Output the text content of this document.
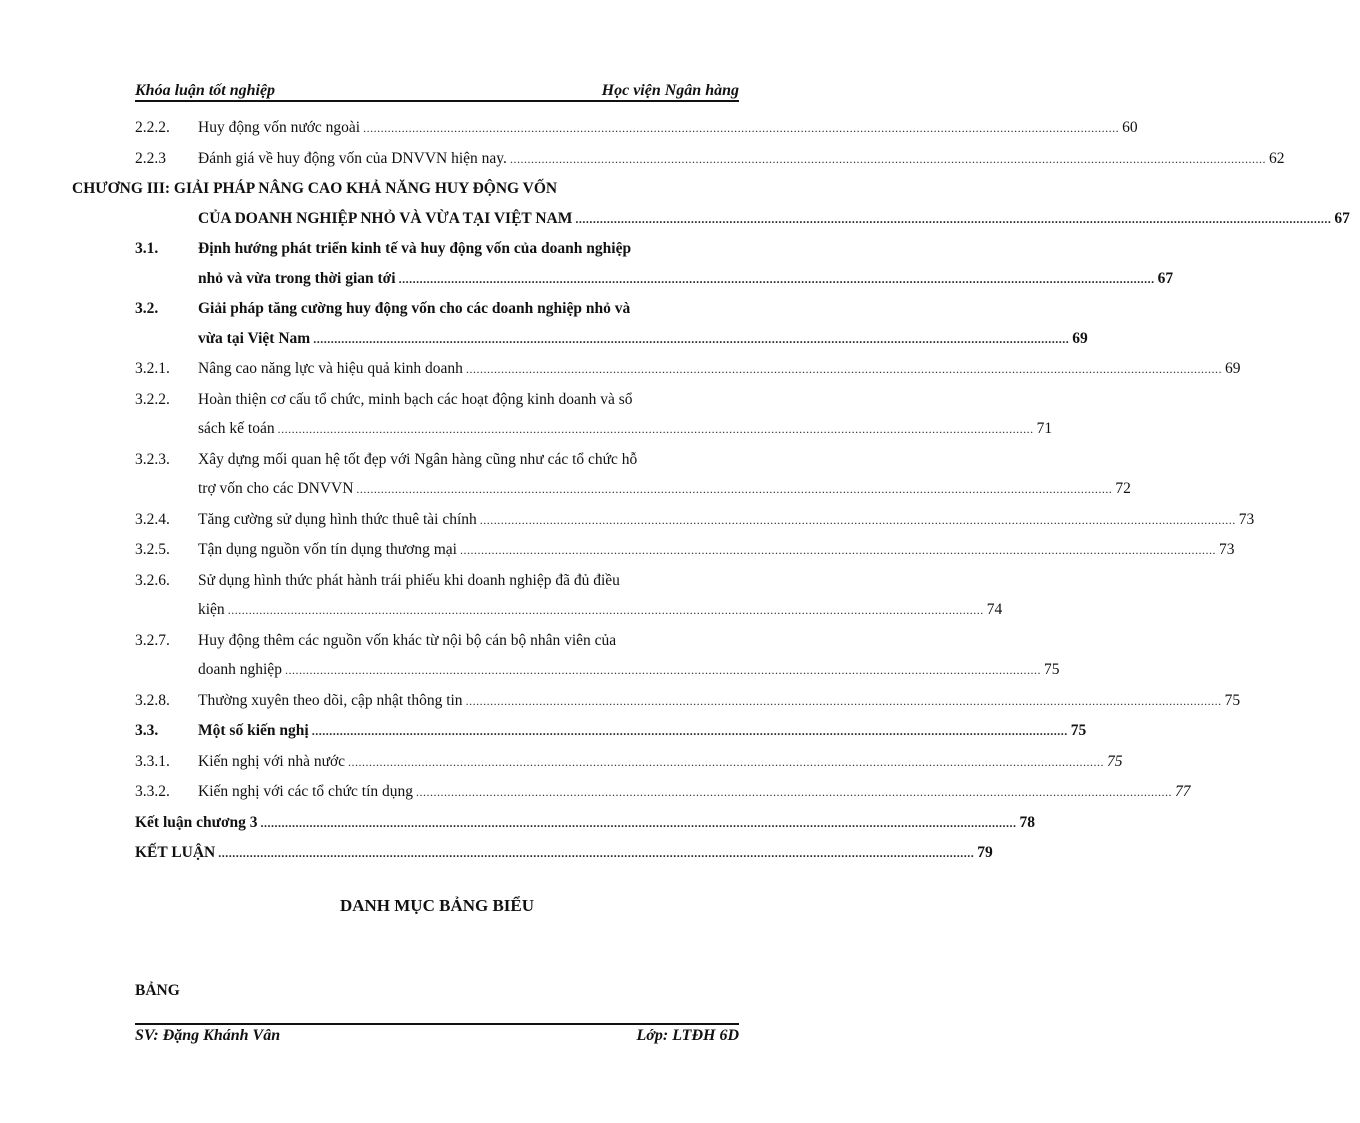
Khóa luận tốt nghiệp	Học viện Ngân hàng
2.2.2.	Huy động vốn nước ngoài .....	60
2.2.3	Đánh giá về huy động vốn của DNVVN hiện nay. .....	62
CHƯƠNG III: GIẢI PHÁP NÂNG CAO KHẢ NĂNG HUY ĐỘNG VỐN
CỦA DOANH NGHIỆP NHỎ VÀ VỪA TẠI VIỆT NAM .....	67
3.1.	Định hướng phát triển kinh tế và huy động vốn của doanh nghiệp
nhỏ và vừa trong thời gian tới .....	67
3.2.	Giải pháp tăng cường huy động vốn cho các doanh nghiệp nhỏ và
vừa tại Việt Nam .....	69
3.2.1.	Nâng cao năng lực và hiệu quả kinh doanh .....	69
3.2.2.	Hoàn thiện cơ cấu tổ chức, minh bạch các hoạt động kinh doanh và sổ
sách kế toán .....	71
3.2.3.	Xây dựng mối quan hệ tốt đẹp với Ngân hàng cũng như các tổ chức hỗ
trợ vốn cho các DNVVN .....	72
3.2.4.	Tăng cường sử dụng hình thức thuê tài chính .....	73
3.2.5.	Tận dụng nguồn vốn tín dụng thương mại .....	73
3.2.6.	Sử dụng hình thức phát hành trái phiếu khi doanh nghiệp đã đủ điều
kiện .....	74
3.2.7.	Huy động thêm các nguồn vốn khác từ nội bộ cán bộ nhân viên của
doanh nghiệp .....	75
3.2.8.	Thường xuyên theo dõi, cập nhật thông tin .....	75
3.3.	Một số kiến nghị .....	75
3.3.1.	Kiến nghị với nhà nước .....	75
3.3.2.	Kiến nghị với các tổ chức tín dụng .....	77
Kết luận chương 3 .....	78
KẾT LUẬN .....	79
DANH MỤC BẢNG BIỂU
BẢNG
SV: Đặng Khánh Vân	Lớp: LTĐH 6D
